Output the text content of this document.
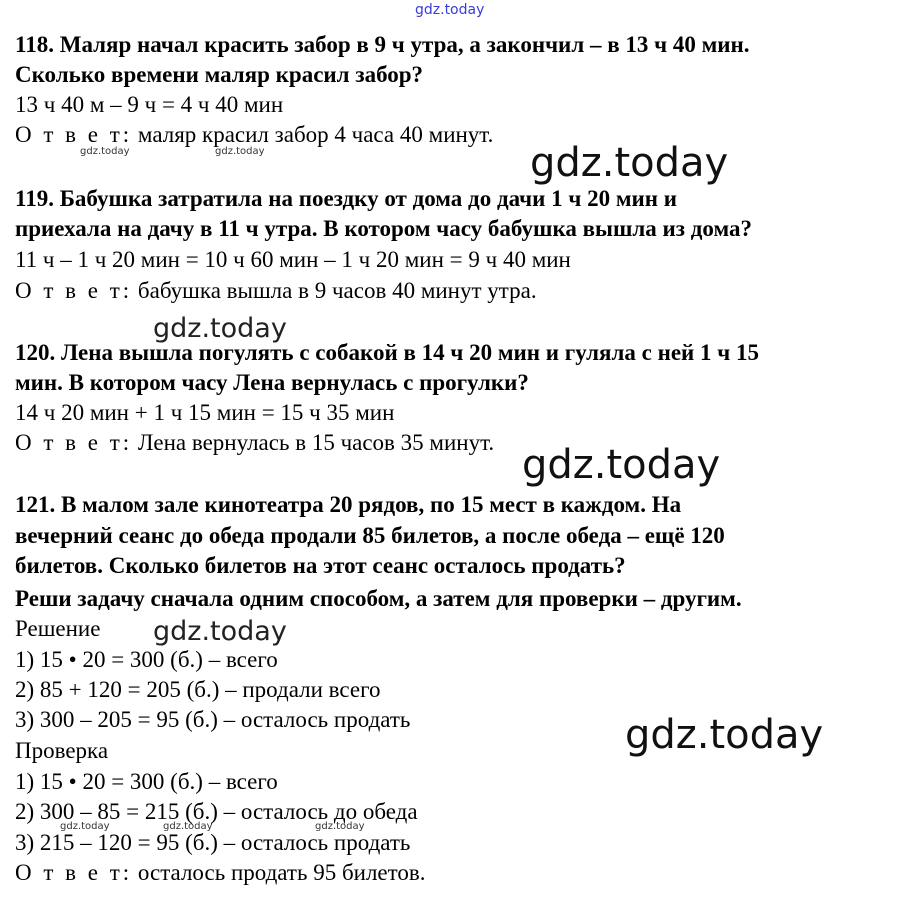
gdz.today
gdz.today
gdz.today	gdz.today
gdz.today
gdz.today
gdz.today
gdz.today
gdz.today	gdz.today	gdz.today
118. Маляр начал красить забор в 9 ч утра, а закончил – в 13 ч 40 мин.
Сколько времени маляр красил забор?
13 ч 40 м – 9 ч = 4 ч 40 мин
О т в е т: маляр красил забор 4 часа 40 минут.
119. Бабушка затратила на поездку от дома до дачи 1 ч 20 мин и
приехала на дачу в 11 ч утра. В котором часу бабушка вышла из дома?
11 ч – 1 ч 20 мин = 10 ч 60 мин – 1 ч 20 мин = 9 ч 40 мин
О т в е т: бабушка вышла в 9 часов 40 минут утра.
120. Лена вышла погулять с собакой в 14 ч 20 мин и гуляла с ней 1 ч 15
мин. В котором часу Лена вернулась с прогулки?
14 ч 20 мин + 1 ч 15 мин = 15 ч 35 мин
О т в е т: Лена вернулась в 15 часов 35 минут.
121. В малом зале кинотеатра 20 рядов, по 15 мест в каждом. На
вечерний сеанс до обеда продали 85 билетов, а после обеда – ещё 120
билетов. Сколько билетов на этот сеанс осталось продать?
Реши задачу сначала одним способом, а затем для проверки – другим.
Решение
1) 15 • 20 = 300 (б.) – всего
2) 85 + 120 = 205 (б.) – продали всего
3) 300 – 205 = 95 (б.) – осталось продать
Проверка
1) 15 • 20 = 300 (б.) – всего
2) 300 – 85 = 215 (б.) – осталось до обеда
3) 215 – 120 = 95 (б.) – осталось продать
О т в е т: осталось продать 95 билетов.
